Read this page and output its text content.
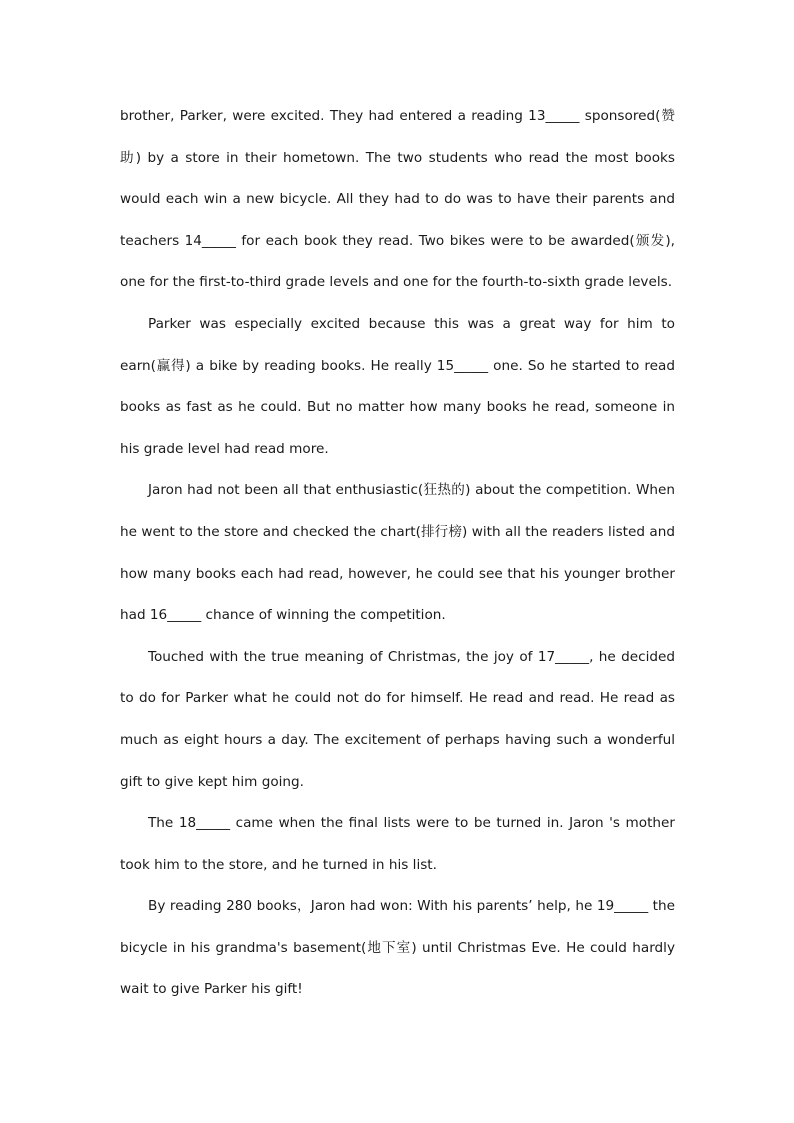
brother, Parker, were excited. They had entered a reading 13_____ sponsored(赞助) by a store in their hometown. The two students who read the most books would each win a new bicycle. All they had to do was to have their parents and teachers 14_____ for each book they read. Two bikes were to be awarded(颁发), one for the first-to-third grade levels and one for the fourth-to-sixth grade levels.

Parker was especially excited because this was a great way for him to earn(赢得) a bike by reading books. He really 15_____ one. So he started to read books as fast as he could. But no matter how many books he read, someone in his grade level had read more.

Jaron had not been all that enthusiastic(狂热的) about the competition. When he went to the store and checked the chart(排行榜) with all the readers listed and how many books each had read, however, he could see that his younger brother had 16_____ chance of winning the competition.

Touched with the true meaning of Christmas, the joy of 17_____, he decided to do for Parker what he could not do for himself. He read and read. He read as much as eight hours a day. The excitement of perhaps having such a wonderful gift to give kept him going.

The 18_____ came when the final lists were to be turned in. Jaron 's mother took him to the store, and he turned in his list.

By reading 280 books，Jaron had won: With his parents’ help, he 19_____ the bicycle in his grandma's basement(地下室) until Christmas Eve. He could hardly wait to give Parker his gift!
